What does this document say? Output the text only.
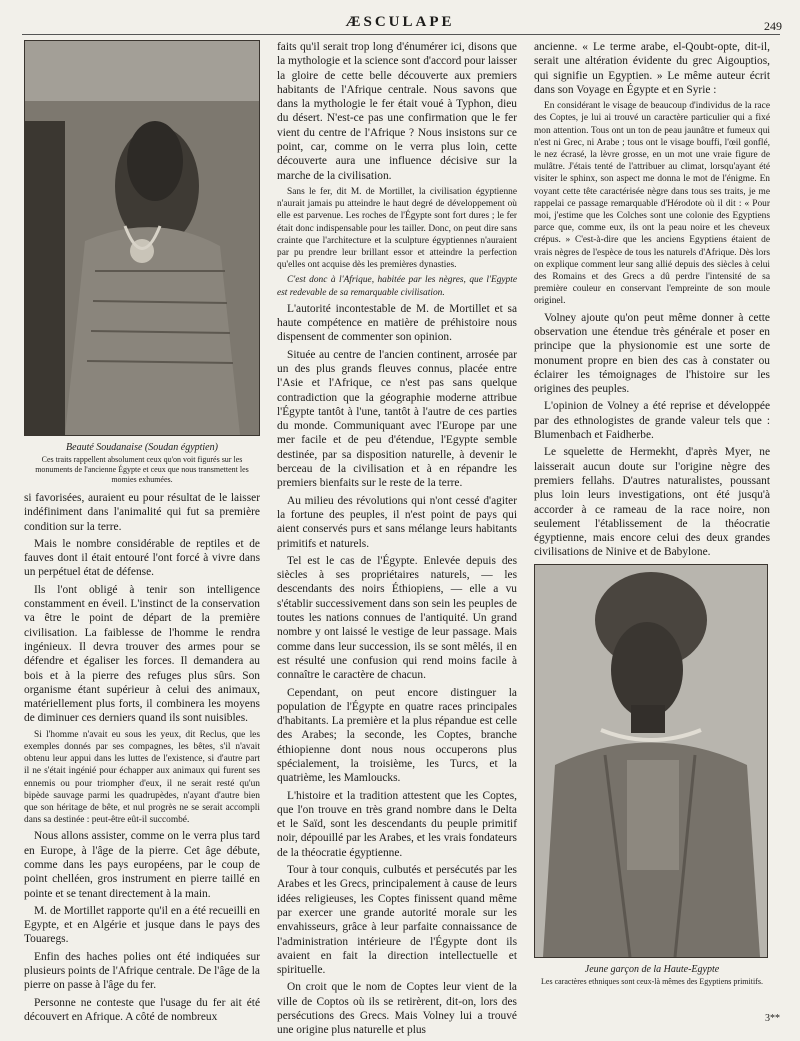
ÆSCULAPE	249
Beauté Soudanaise (Soudan égyptien)
Ces traits rappellent absolument ceux qu'on voit figurés sur les monuments de l'ancienne Égypte et ceux que nous transmettent les momies exhumées.

si favorisées, auraient eu pour résultat de le laisser indéfiniment dans l'animalité qui fut sa première condition sur la terre.

Mais le nombre considérable de reptiles et de fauves dont il était entouré l'ont forcé à vivre dans un perpétuel état de défense.

Ils l'ont obligé à tenir son intelligence constamment en éveil. L'instinct de la conservation va être le point de départ de la première civilisation. La faiblesse de l'homme le rendra ingénieux. Il devra trouver des armes pour se défendre et égaliser les forces. Il demandera au bois et à la pierre des refuges plus sûrs. Son organisme étant supérieur à celui des animaux, matériellement plus forts, il combinera les moyens de diminuer ces derniers quand ils sont nuisibles.

Si l'homme n'avait eu sous les yeux, dit Reclus, que les exemples donnés par ses compagnes, les bêtes, s'il n'avait obtenu leur appui dans les luttes de l'existence, si d'autre part il ne s'était ingénié pour échapper aux animaux qui furent ses ennemis ou pour triompher d'eux, il ne serait resté qu'un bipède sauvage parmi les quadrupèdes, n'ayant d'autre bien que son héritage de bête, et nul progrès ne se serait accompli dans sa destinée : peut-être eût-il succombé.

Nous allons assister, comme on le verra plus tard en Europe, à l'âge de la pierre. Cet âge débute, comme dans les pays européens, par le coup de point chelléen, gros instrument en pierre taillé en pointe et se tenant directement à la main.

M. de Mortillet rapporte qu'il en a été recueilli en Egypte, et en Algérie et jusque dans le pays des Touaregs.

Enfin des haches polies ont été indiquées sur plusieurs points de l'Afrique centrale. De l'âge de la pierre on passe à l'âge du fer.

Personne ne conteste que l'usage du fer ait été découvert en Afrique. A côté de nombreux

faits qu'il serait trop long d'énumérer ici, disons que la mythologie et la science sont d'accord pour laisser la gloire de cette belle découverte aux premiers habitants de l'Afrique centrale. Nous savons que dans la mythologie le fer était voué à Typhon, dieu du désert. N'est-ce pas une confirmation que le fer vient du centre de l'Afrique ? Nous insistons sur ce point, car, comme on le verra plus loin, cette découverte aura une influence décisive sur la marche de la civilisation.

Sans le fer, dit M. de Mortillet, la civilisation égyptienne n'aurait jamais pu atteindre le haut degré de développement où elle est parvenue. Les roches de l'Égypte sont fort dures ; le fer était donc indispensable pour les tailler. Donc, on peut dire sans crainte que l'architecture et la sculpture égyptiennes n'auraient par pu prendre leur brillant essor et atteindre la perfection qu'elles ont acquise dès les premières dynasties.

C'est donc à l'Afrique, habitée par les nègres, que l'Egypte est redevable de sa remarquable civilisation.

L'autorité incontestable de M. de Mortillet et sa haute compétence en matière de préhistoire nous dispensent de commenter son opinion.

Située au centre de l'ancien continent, arrosée par un des plus grands fleuves connus, placée entre l'Asie et l'Afrique, ce n'est pas sans quelque contradiction que la géographie moderne attribue l'Égypte tantôt à l'une, tantôt à l'autre de ces parties du monde. Communiquant avec l'Europe par une mer facile et de peu d'étendue, l'Egypte semble destinée, par sa disposition naturelle, à devenir le berceau de la civilisation et à en répandre les premiers bienfaits sur le reste de la terre.

Au milieu des révolutions qui n'ont cessé d'agiter la fortune des peuples, il n'est point de pays qui aient conservés purs et sans mélange leurs habitants primitifs et naturels.

Tel est le cas de l'Égypte. Enlevée depuis des siècles à ses propriétaires naturels, — les descendants des noirs Éthiopiens, — elle a vu s'établir successivement dans son sein les peuples de toutes les nations connues de l'antiquité. Un grand nombre y ont laissé le vestige de leur passage. Mais comme dans leur succession, ils se sont mêlés, il en est résulté une confusion qui rend moins facile à connaître le caractère de chacun.

Cependant, on peut encore distinguer la population de l'Égypte en quatre races principales d'habitants. La première et la plus répandue est celle des Arabes; la seconde, les Coptes, branche éthiopienne dont nous nous occuperons plus spécialement, la troisième, les Turcs, et la quatrième, les Mamloucks.

L'histoire et la tradition attestent que les Coptes, que l'on trouve en très grand nombre dans le Delta et le Saïd, sont les descendants du peuple primitif noir, dépouillé par les Arabes, et les vrais fondateurs de la théocratie égyptienne.

Tour à tour conquis, culbutés et persécutés par les Arabes et les Grecs, principalement à cause de leurs idées religieuses, les Coptes finissent quand même par exercer une grande autorité morale sur les envahisseurs, grâce à leur parfaite connaissance de l'administration intérieure de l'Égypte dont ils avaient en fait la direction intellectuelle et spirituelle.

On croit que le nom de Coptes leur vient de la ville de Coptos où ils se retirèrent, dit-on, lors des persécutions des Grecs. Mais Volney lui a trouvé une origine plus naturelle et plus

ancienne. « Le terme arabe, el-Qoubt-opte, dit-il, serait une altération évidente du grec Aigouptios, qui signifie un Egyptien. » Le même auteur écrit dans son Voyage en Égypte et en Syrie :

En considérant le visage de beaucoup d'individus de la race des Coptes, je lui ai trouvé un caractère particulier qui a fixé mon attention. Tous ont un ton de peau jaunâtre et fumeux qui n'est ni Grec, ni Arabe ; tous ont le visage bouffi, l'œil gonflé, le nez écrasé, la lèvre grosse, en un mot une vraie figure de mulâtre. J'étais tenté de l'attribuer au climat, lorsqu'ayant été visiter le sphinx, son aspect me donna le mot de l'énigme. En voyant cette tête caractérisée nègre dans tous ses traits, je me rappelai ce passage remarquable d'Hérodote où il dit : « Pour moi, j'estime que les Colches sont une colonie des Egyptiens parce que, comme eux, ils ont la peau noire et les cheveux crépus. » C'est-à-dire que les anciens Egyptiens étaient de vrais nègres de l'espèce de tous les naturels d'Afrique. Dès lors on explique comment leur sang allié depuis des siècles à celui des Romains et des Grecs a dû perdre l'intensité de sa première couleur en conservant l'empreinte de son moule originel.

Volney ajoute qu'on peut même donner à cette observation une étendue très générale et poser en principe que la physionomie est une sorte de monument propre en bien des cas à constater ou éclairer les témoignages de l'histoire sur les origines des peuples.

L'opinion de Volney a été reprise et développée par des ethnologistes de grande valeur tels que : Blumenbach et Faidherbe.

Le squelette de Hermekht, d'après Myer, ne laisserait aucun doute sur l'origine nègre des premiers fellahs. D'autres naturalistes, poussant plus loin leurs investigations, ont été jusqu'à accorder à ce rameau de la race noire, non seulement l'établissement de la théocratie égyptienne, mais encore celui des deux grandes civilisations de Ninive et de Babylone.

Jeune garçon de la Haute-Egypte
Les caractères ethniques sont ceux-là mêmes des Egyptiens primitifs.
3**
